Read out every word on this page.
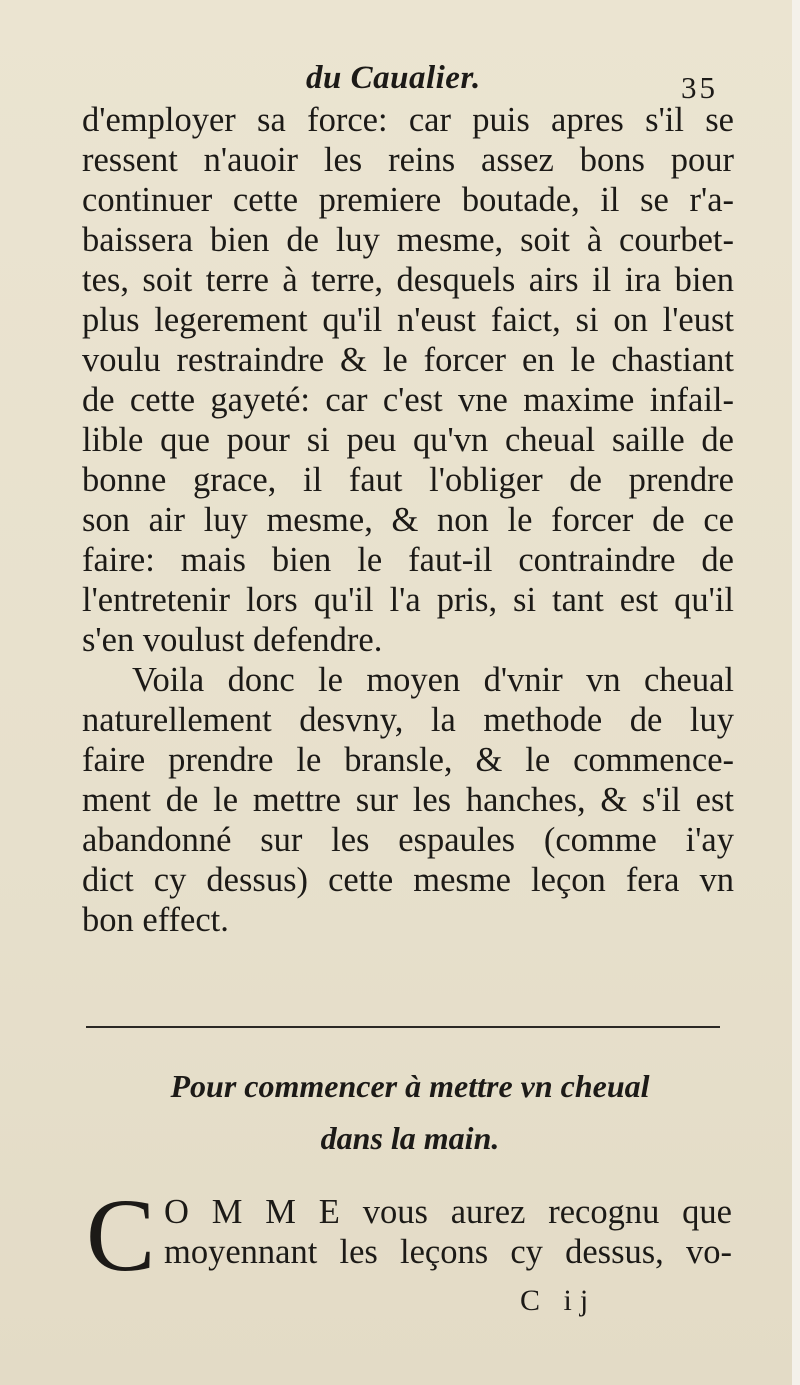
du Caualier.	35
d'employer sa force: car puis apres s'il se
ressent n'auoir les reins assez bons pour
continuer cette premiere boutade, il se r'a-
baissera bien de luy mesme, soit à courbet-
tes, soit terre à terre, desquels airs il ira bien
plus legerement qu'il n'eust faict, si on l'eust
voulu restraindre & le forcer en le chastiant
de cette gayeté: car c'est vne maxime infail-
lible que pour si peu qu'vn cheual saille de
bonne grace, il faut l'obliger de prendre
son air luy mesme, & non le forcer de ce
faire: mais bien le faut-il contraindre de
l'entretenir lors qu'il l'a pris, si tant est qu'il
s'en voulust defendre.
Voila donc le moyen d'vnir vn cheual
naturellement desvny, la methode de luy
faire prendre le bransle, & le commence-
ment de le mettre sur les hanches, & s'il est
abandonné sur les espaules (comme i'ay
dict cy dessus) cette mesme leçon fera vn
bon effect.
Pour commencer à mettre vn cheual
dans la main.
C O M M E vous aurez recognu que
moyennant les leçons cy dessus, vo-
C ij
